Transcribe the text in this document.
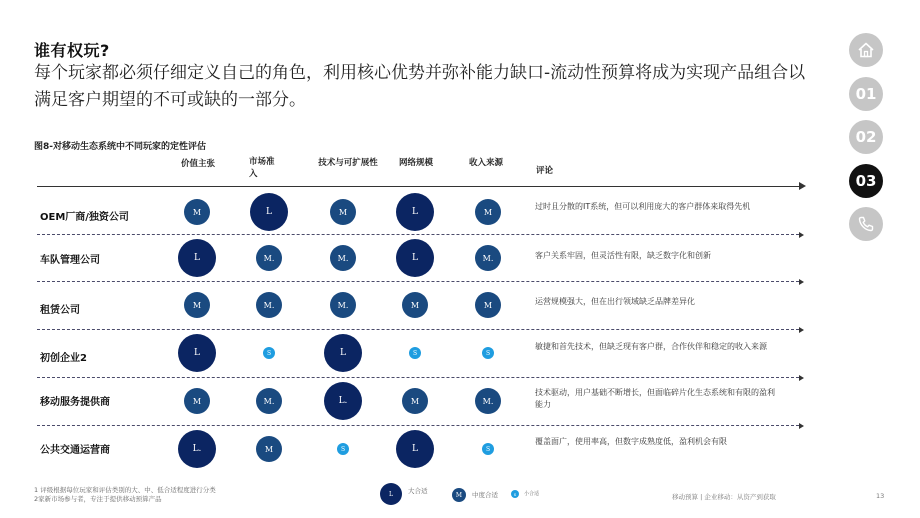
谁有权玩?
每个玩家都必须仔细定义自己的角色，利用核心优势并弥补能力缺口-流动性预算将成为实现产品组合以满足客户期望的不可或缺的一部分。
图8-对移动生态系统中不同玩家的定性评估
价值主张	市场准入
技术与可扩展性	网络规模	收入来源
评论
OEM厂商/独资公司	M	L	M	L	M
过时且分散的IT系统，但可以利用庞大的客户群体来取得先机
车队管理公司	L	M.	M.	L	M.	客户关系牢固，但灵活性有限，缺乏数字化和创新
租赁公司	M	M.	M.	M	M	运营规模强大，但在出行领域缺乏品牌差异化
初创企业2	L	S	L	S	S
敏捷和首先技术，但缺乏现有客户群，合作伙伴和稳定的收入来源
移动服务提供商	M	M.	L.	M	M.
技术驱动，用户基础不断增长，但面临碎片化生态系统和有限的盈利能力
公共交通运营商	L.	M	S	L	S
覆盖面广，使用率高，但数字成熟度低，盈利机会有限
1 评级根据每位玩家和评估类别的大、中、低合适程度进行分类
2家新市场参与者，专注于提供移动预算产品
L	大合适	M	中度合适	S	小合适	移动预算 | 企业移动：从资产到获取	13
01
02
03
